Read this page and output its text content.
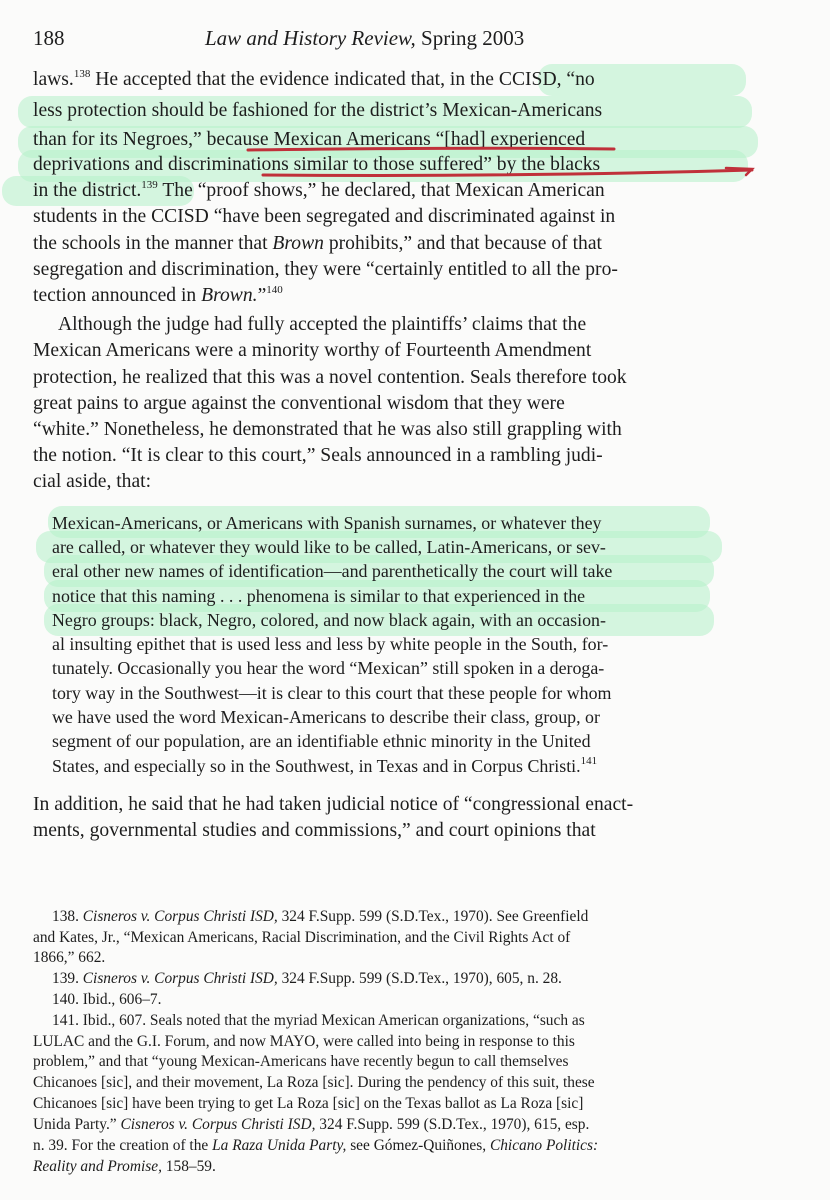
188	Law and History Review, Spring 2003
laws.$^{138}$ He accepted that the evidence indicated that, in the CCISD, “no
less protection should be fashioned for the district’s Mexican-Americans
than for its Negroes,” because Mexican Americans “[had] experienced
deprivations and discriminations similar to those suffered” by the blacks
in the district.$^{139}$ The “proof shows,” he declared, that Mexican American
students in the CCISD “have been segregated and discriminated against in
the schools in the manner that Brown prohibits,” and that because of that
segregation and discrimination, they were “certainly entitled to all the pro-
tection announced in Brown.”$^{140}$
Although the judge had fully accepted the plaintiffs’ claims that the
Mexican Americans were a minority worthy of Fourteenth Amendment
protection, he realized that this was a novel contention. Seals therefore took
great pains to argue against the conventional wisdom that they were
“white.” Nonetheless, he demonstrated that he was also still grappling with
the notion. “It is clear to this court,” Seals announced in a rambling judi-
cial aside, that:
Mexican-Americans, or Americans with Spanish surnames, or whatever they
are called, or whatever they would like to be called, Latin-Americans, or sev-
eral other new names of identification—and parenthetically the court will take
notice that this naming . . . phenomena is similar to that experienced in the
Negro groups: black, Negro, colored, and now black again, with an occasion-
al insulting epithet that is used less and less by white people in the South, for-
tunately. Occasionally you hear the word “Mexican” still spoken in a deroga-
tory way in the Southwest—it is clear to this court that these people for whom
we have used the word Mexican-Americans to describe their class, group, or
segment of our population, are an identifiable ethnic minority in the United
States, and especially so in the Southwest, in Texas and in Corpus Christi.$^{141}$
In addition, he said that he had taken judicial notice of “congressional enact-
ments, governmental studies and commissions,” and court opinions that
138. Cisneros v. Corpus Christi ISD, 324 F.Supp. 599 (S.D.Tex., 1970). See Greenfield
and Kates, Jr., “Mexican Americans, Racial Discrimination, and the Civil Rights Act of
1866,” 662.
139. Cisneros v. Corpus Christi ISD, 324 F.Supp. 599 (S.D.Tex., 1970), 605, n. 28.
140. Ibid., 606–7.
141. Ibid., 607. Seals noted that the myriad Mexican American organizations, “such as
LULAC and the G.I. Forum, and now MAYO, were called into being in response to this
problem,” and that “young Mexican-Americans have recently begun to call themselves
Chicanoes [sic], and their movement, La Roza [sic]. During the pendency of this suit, these
Chicanoes [sic] have been trying to get La Roza [sic] on the Texas ballot as La Roza [sic]
Unida Party.” Cisneros v. Corpus Christi ISD, 324 F.Supp. 599 (S.D.Tex., 1970), 615, esp.
n. 39. For the creation of the La Raza Unida Party, see Gómez-Quiñones, Chicano Politics:
Reality and Promise, 158–59.
